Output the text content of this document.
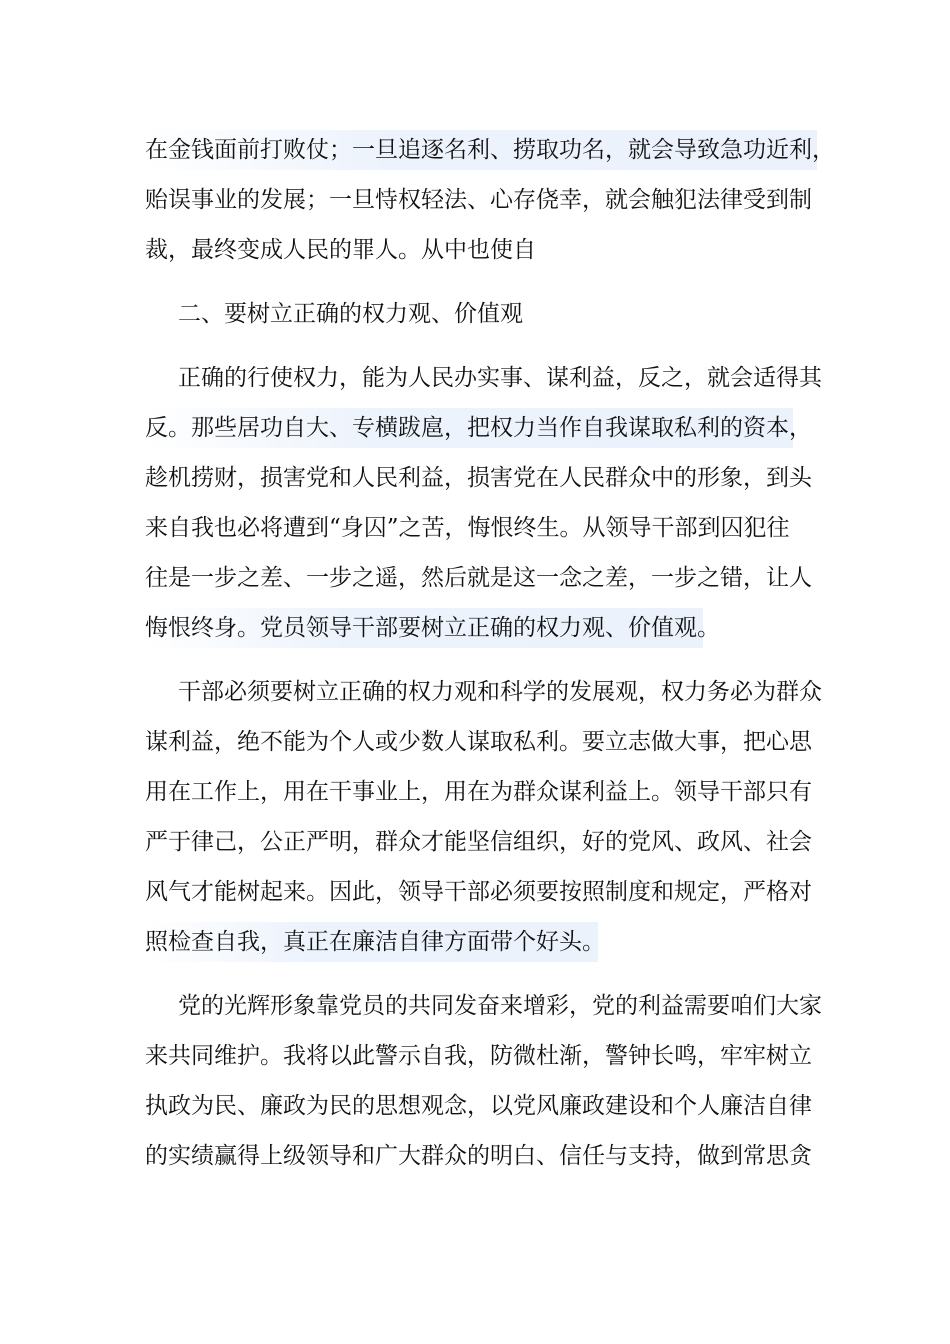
在金钱面前打败仗；一旦追逐名利、捞取功名，就会导致急功近利，
贻误事业的发展；一旦恃权轻法、心存侥幸，就会触犯法律受到制
裁，最终变成人民的罪人。从中也使自
二、要树立正确的权力观、价值观
正确的行使权力，能为人民办实事、谋利益，反之，就会适得其
反。那些居功自大、专横跋扈，把权力当作自我谋取私利的资本，
趁机捞财，损害党和人民利益，损害党在人民群众中的形象，到头
来自我也必将遭到“身囚”之苦，悔恨终生。从领导干部到囚犯往
往是一步之差、一步之遥，然后就是这一念之差，一步之错，让人
悔恨终身。党员领导干部要树立正确的权力观、价值观。
干部必须要树立正确的权力观和科学的发展观，权力务必为群众
谋利益，绝不能为个人或少数人谋取私利。要立志做大事，把心思
用在工作上，用在干事业上，用在为群众谋利益上。领导干部只有
严于律己，公正严明，群众才能坚信组织，好的党风、政风、社会
风气才能树起来。因此，领导干部必须要按照制度和规定，严格对
照检查自我，真正在廉洁自律方面带个好头。
党的光辉形象靠党员的共同发奋来增彩，党的利益需要咱们大家
来共同维护。我将以此警示自我，防微杜渐，警钟长鸣，牢牢树立
执政为民、廉政为民的思想观念，以党风廉政建设和个人廉洁自律
的实绩赢得上级领导和广大群众的明白、信任与支持，做到常思贪
